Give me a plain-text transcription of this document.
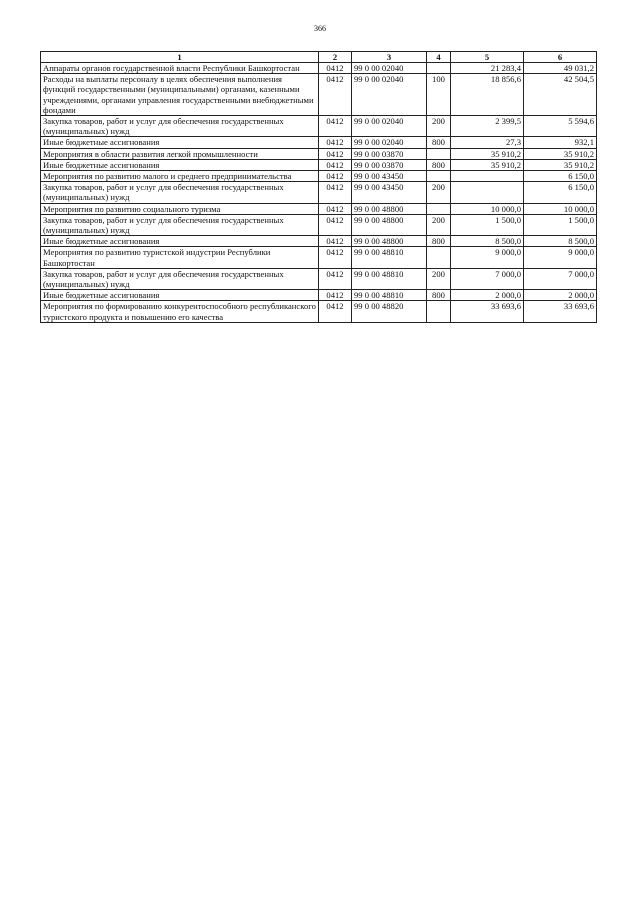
366
1	2	3	4	5	6
Аппараты органов государственной власти Республики Башкортостан	0412	99 0 00 02040		21 283,4	49 031,2
Расходы на выплаты персоналу в целях обеспечения выполнения функций государственными (муниципальными) органами, казенными учреждениями, органами управления государственными внебюджетными фондами	0412	99 0 00 02040	100	18 856,6	42 504,5
Закупка товаров, работ и услуг для обеспечения государственных (муниципальных) нужд	0412	99 0 00 02040	200	2 399,5	5 594,6
Иные бюджетные ассигнования	0412	99 0 00 02040	800	27,3	932,1
Мероприятия в области развития легкой промышленности	0412	99 0 00 03870		35 910,2	35 910,2
Иные бюджетные ассигнования	0412	99 0 00 03870	800	35 910,2	35 910,2
Мероприятия по развитию малого и среднего предпринимательства	0412	99 0 00 43450			6 150,0
Закупка товаров, работ и услуг для обеспечения государственных (муниципальных) нужд	0412	99 0 00 43450	200		6 150,0
Мероприятия по развитию социального туризма	0412	99 0 00 48800		10 000,0	10 000,0
Закупка товаров, работ и услуг для обеспечения государственных (муниципальных) нужд	0412	99 0 00 48800	200	1 500,0	1 500,0
Иные бюджетные ассигнования	0412	99 0 00 48800	800	8 500,0	8 500,0
Мероприятия по развитию туристской индустрии Республики Башкортостан	0412	99 0 00 48810		9 000,0	9 000,0
Закупка товаров, работ и услуг для обеспечения государственных (муниципальных) нужд	0412	99 0 00 48810	200	7 000,0	7 000,0
Иные бюджетные ассигнования	0412	99 0 00 48810	800	2 000,0	2 000,0
Мероприятия по формированию конкурентоспособного республиканского туристского продукта и повышению его качества	0412	99 0 00 48820		33 693,6	33 693,6
